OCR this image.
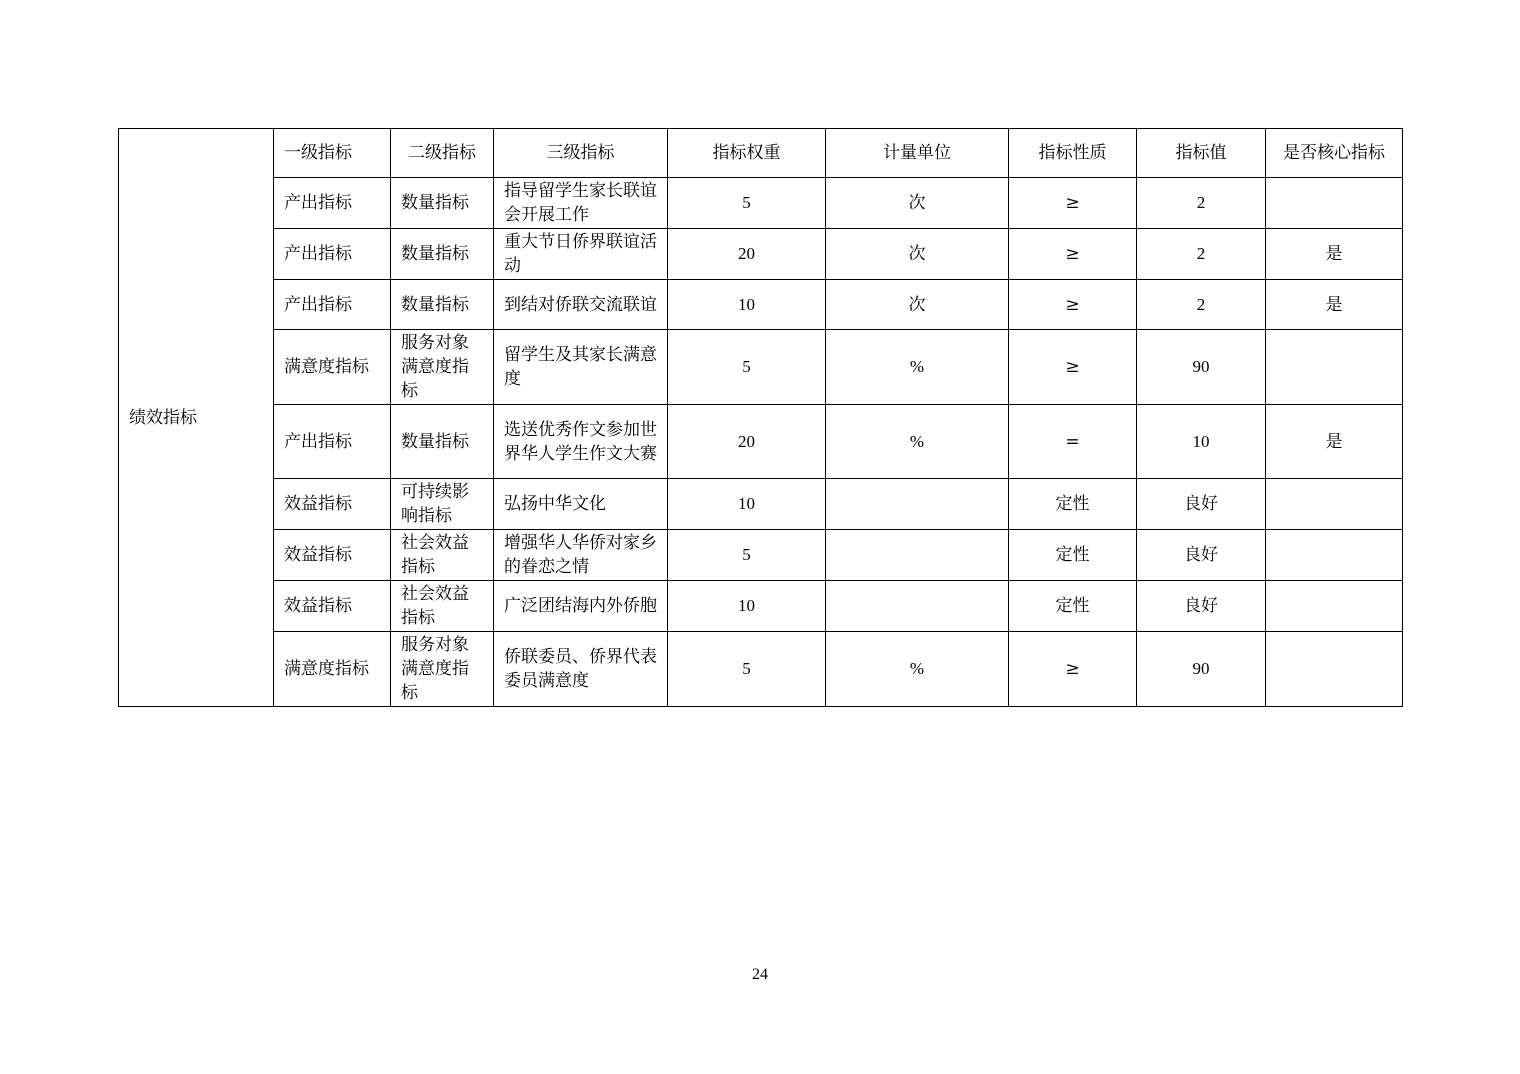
绩效指标	一级指标	二级指标	三级指标	指标权重	计量单位	指标性质	指标值	是否核心指标
	产出指标	数量指标	指导留学生家长联谊会开展工作	5	次	≥	2	
	产出指标	数量指标	重大节日侨界联谊活动	20	次	≥	2	是
	产出指标	数量指标	到结对侨联交流联谊	10	次	≥	2	是
	满意度指标	服务对象满意度指标	留学生及其家长满意度	5	%	≥	90	
	产出指标	数量指标	选送优秀作文参加世界华人学生作文大赛	20	%	=	10	是
	效益指标	可持续影响指标	弘扬中华文化	10		定性	良好	
	效益指标	社会效益指标	增强华人华侨对家乡的眷恋之情	5		定性	良好	
	效益指标	社会效益指标	广泛团结海内外侨胞	10		定性	良好	
	满意度指标	服务对象满意度指标	侨联委员、侨界代表委员满意度	5	%	≥	90	
24
